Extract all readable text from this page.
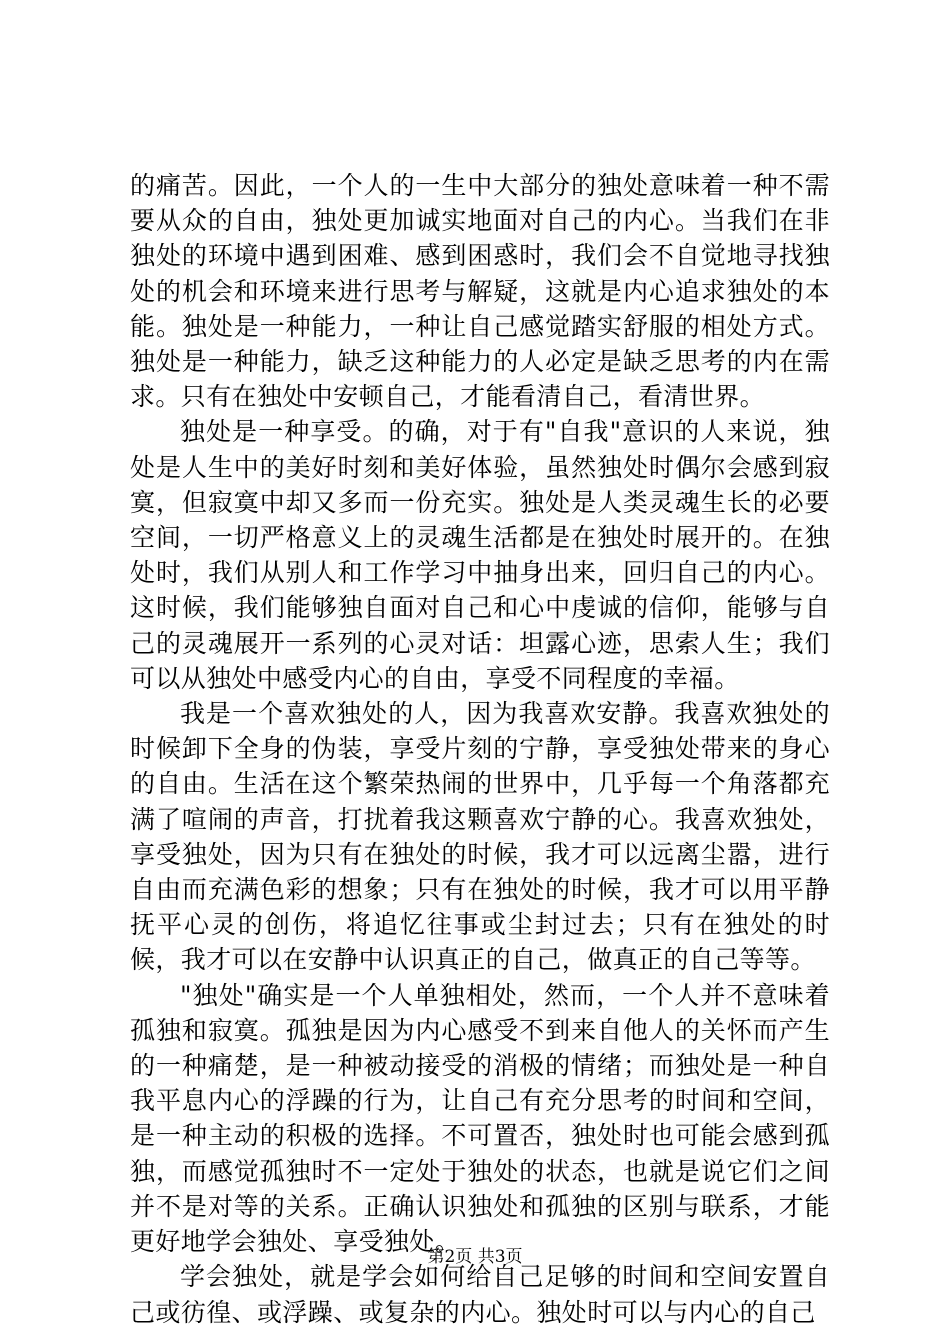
的痛苦。因此，一个人的一生中大部分的独处意味着一种不需要从众的自由，独处更加诚实地面对自己的内心。当我们在非独处的环境中遇到困难、感到困惑时，我们会不自觉地寻找独处的机会和环境来进行思考与解疑，这就是内心追求独处的本能。独处是一种能力，一种让自己感觉踏实舒服的相处方式。独处是一种能力，缺乏这种能力的人必定是缺乏思考的内在需求。只有在独处中安顿自己，才能看清自己，看清世界。

独处是一种享受。的确，对于有"自我"意识的人来说，独处是人生中的美好时刻和美好体验，虽然独处时偶尔会感到寂寞，但寂寞中却又多而一份充实。独处是人类灵魂生长的必要空间，一切严格意义上的灵魂生活都是在独处时展开的。在独处时，我们从别人和工作学习中抽身出来，回归自己的内心。这时候，我们能够独自面对自己和心中虔诚的信仰，能够与自己的灵魂展开一系列的心灵对话：坦露心迹，思索人生；我们可以从独处中感受内心的自由，享受不同程度的幸福。

我是一个喜欢独处的人，因为我喜欢安静。我喜欢独处的时候卸下全身的伪装，享受片刻的宁静，享受独处带来的身心的自由。生活在这个繁荣热闹的世界中，几乎每一个角落都充满了喧闹的声音，打扰着我这颗喜欢宁静的心。我喜欢独处，享受独处，因为只有在独处的时候，我才可以远离尘嚣，进行自由而充满色彩的想象；只有在独处的时候，我才可以用平静抚平心灵的创伤，将追忆往事或尘封过去；只有在独处的时候，我才可以在安静中认识真正的自己，做真正的自己等等。

"独处"确实是一个人单独相处，然而，一个人并不意味着孤独和寂寞。孤独是因为内心感受不到来自他人的关怀而产生的一种痛楚，是一种被动接受的消极的情绪；而独处是一种自我平息内心的浮躁的行为，让自己有充分思考的时间和空间，是一种主动的积极的选择。不可置否，独处时也可能会感到孤独，而感觉孤独时不一定处于独处的状态，也就是说它们之间并不是对等的关系。正确认识独处和孤独的区别与联系，才能更好地学会独处、享受独处。

学会独处，就是学会如何给自己足够的时间和空间安置自己或彷徨、或浮躁、或复杂的内心。独处时可以与内心的自己

第2页 共3页
